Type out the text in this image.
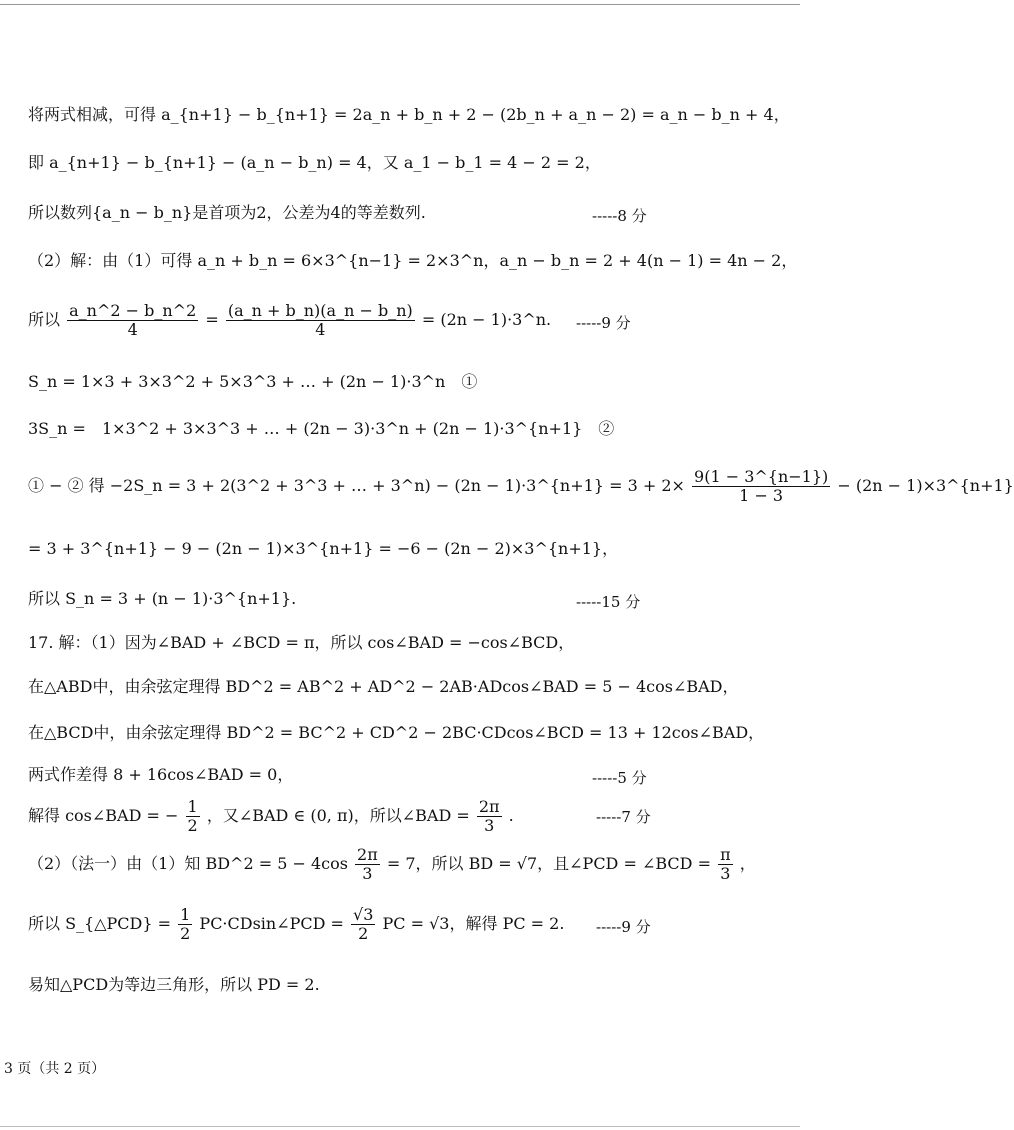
将两式相减，可得 a_{n+1} − b_{n+1} = 2a_n + b_n + 2 − (2b_n + a_n − 2) = a_n − b_n + 4，
即 a_{n+1} − b_{n+1} − (a_n − b_n) = 4，又 a_1 − b_1 = 4 − 2 = 2，
所以数列{a_n − b_n}是首项为2，公差为4的等差数列.	-----8 分
（2）解：由（1）可得 a_n + b_n = 6×3^{n−1} = 2×3^n，a_n − b_n = 2 + 4(n − 1) = 4n − 2，
所以 $\frac{a\_n\^{}2 - b\_n\^{}2}{4} = \frac{(a\_n + b\_n)(a\_n - b\_n)}{4} = (2n$ − 1)·3^n.	-----9 分
S_n = 1×3 + 3×3^2 + 5×3^3 + … + (2n − 1)·3^n　①
3S_n =　1×3^2 + 3×3^3 + … + (2n − 3)·3^n + (2n − 1)·3^{n+1}　②
① − ② 得 −2S_n = 3 + 2(3^2 + 3^3 + … + 3^n) − (2n − 1)·3^{n+1} = $3 + 2\times \frac{9(1 - 3\^{}\{n-1\})}{1 - 3} - (2n$ − 1)×3^{n+1}
= 3 + 3^{n+1} − 9 − (2n − 1)×3^{n+1} = −6 − (2n − 2)×3^{n+1}，
所以 S_n = 3 + (n − 1)·3^{n+1}.	-----15 分
17. 解：（1）因为∠BAD + ∠BCD = π，所以 cos∠BAD = −cos∠BCD，
在△ABD中，由余弦定理得 BD^2 = AB^2 + AD^2 − 2AB·ADcos∠BAD = 5 − 4cos∠BAD，
在△BCD中，由余弦定理得 BD^2 = BC^2 + CD^2 − 2BC·CDcos∠BCD = 13 + 12cos∠BAD，
两式作差得 8 + 16cos∠BAD = 0，	-----5 分
解得 cos∠BAD = − $\frac{1}{2}$ ，又∠BAD ∈ (0, π)，所以∠BAD = $\frac{2\pi}{3}$ .	-----7 分
（2）（法一）由（1）知 BD^2 = $5 - 4\cos \frac{2\pi}{3} = 7$，所以 BD = √7，且∠PCD = ∠BCD = $\frac{\pi}{3}$ ，
所以 S_{△PCD} = $\frac{1}{2}$ PC·CDsin∠PCD = $\frac{√3}{2}$ PC = √3，解得 PC = 2.	-----9 分
易知△PCD为等边三角形，所以 PD = 2.
3 页（共 2 页）
